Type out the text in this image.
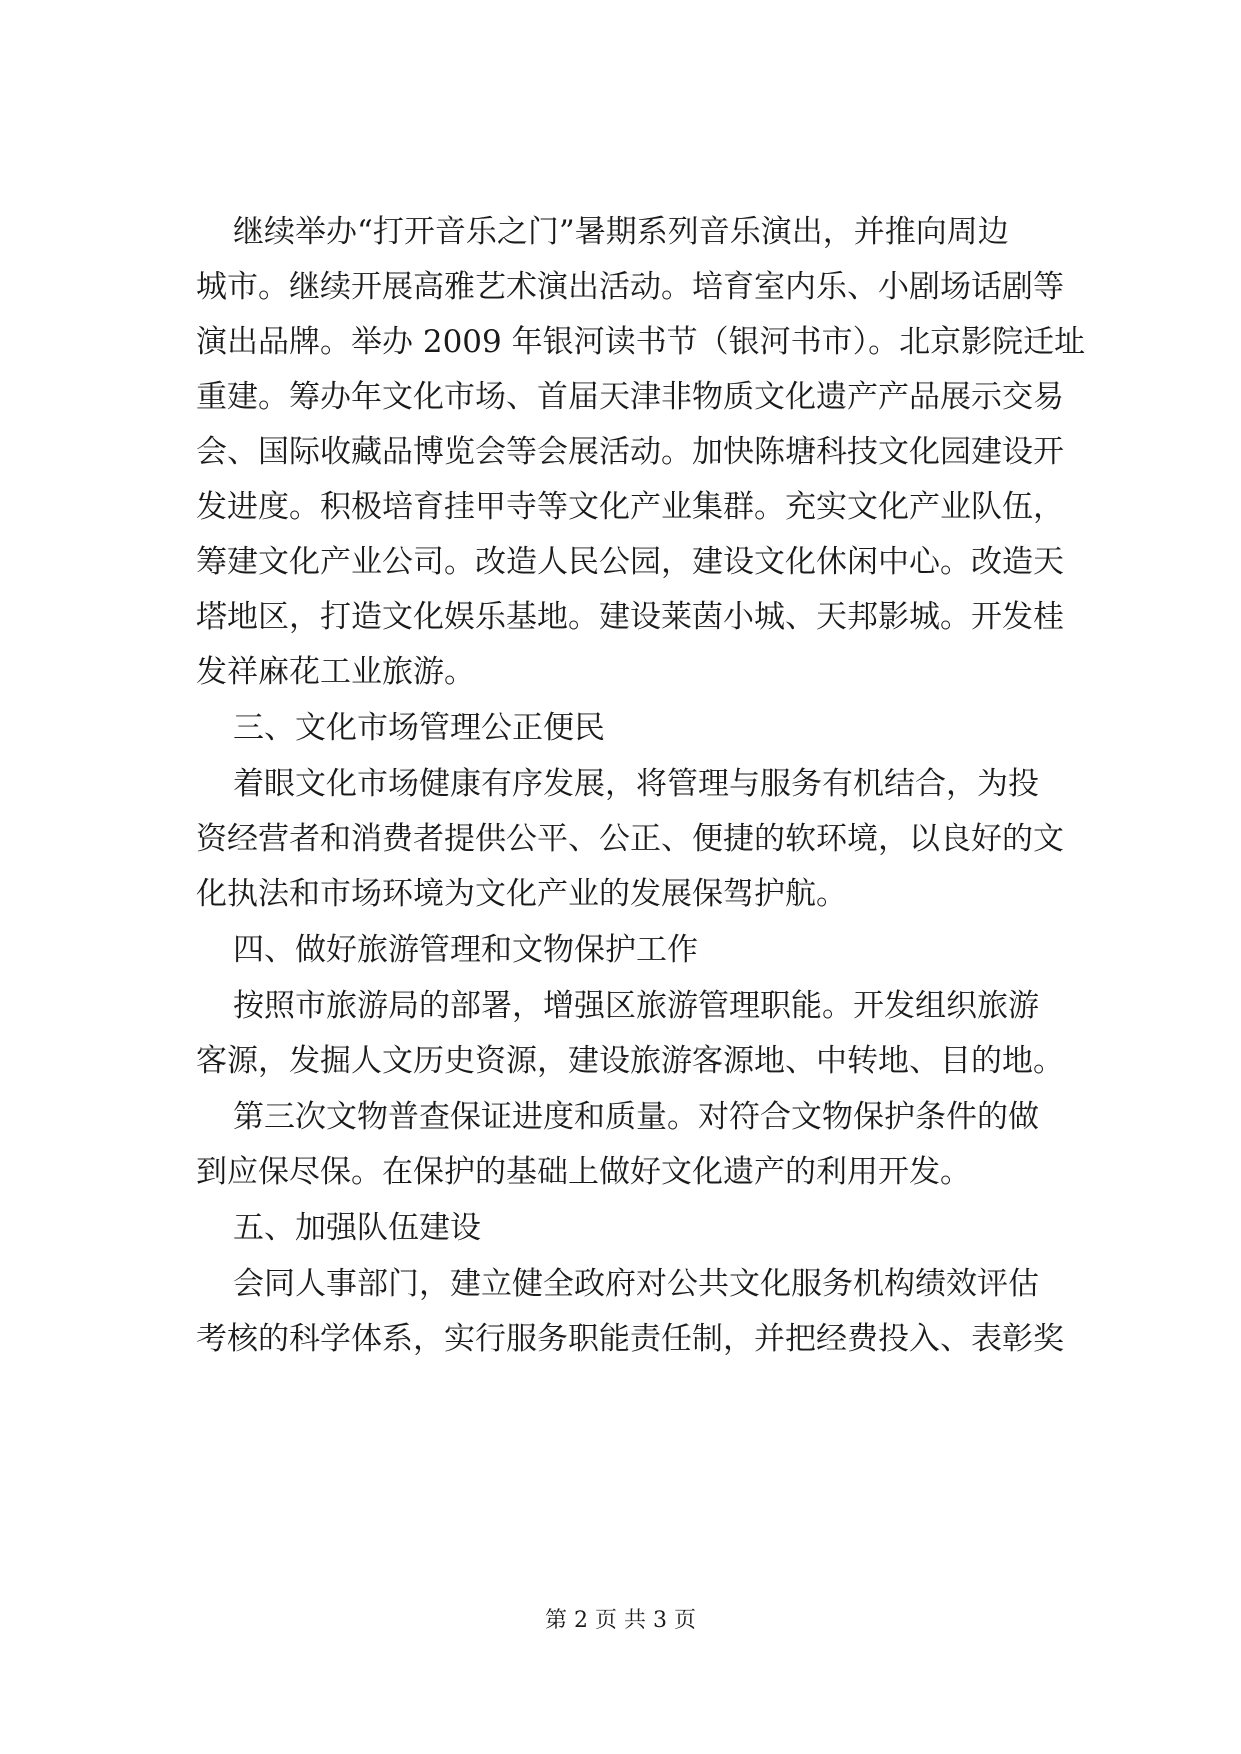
继续举办“打开音乐之门”暑期系列音乐演出，并推向周边
城市。继续开展高雅艺术演出活动。培育室内乐、小剧场话剧等
演出品牌。举办 2009 年银河读书节（银河书市）。北京影院迁址
重建。筹办年文化市场、首届天津非物质文化遗产产品展示交易
会、国际收藏品博览会等会展活动。加快陈塘科技文化园建设开
发进度。积极培育挂甲寺等文化产业集群。充实文化产业队伍，
筹建文化产业公司。改造人民公园，建设文化休闲中心。改造天
塔地区，打造文化娱乐基地。建设莱茵小城、天邦影城。开发桂
发祥麻花工业旅游。
三、文化市场管理公正便民
着眼文化市场健康有序发展，将管理与服务有机结合，为投
资经营者和消费者提供公平、公正、便捷的软环境，以良好的文
化执法和市场环境为文化产业的发展保驾护航。
四、做好旅游管理和文物保护工作
按照市旅游局的部署，增强区旅游管理职能。开发组织旅游
客源，发掘人文历史资源，建设旅游客源地、中转地、目的地。
第三次文物普查保证进度和质量。对符合文物保护条件的做
到应保尽保。在保护的基础上做好文化遗产的利用开发。
五、加强队伍建设
会同人事部门，建立健全政府对公共文化服务机构绩效评估
考核的科学体系，实行服务职能责任制，并把经费投入、表彰奖
第 2 页 共 3 页
